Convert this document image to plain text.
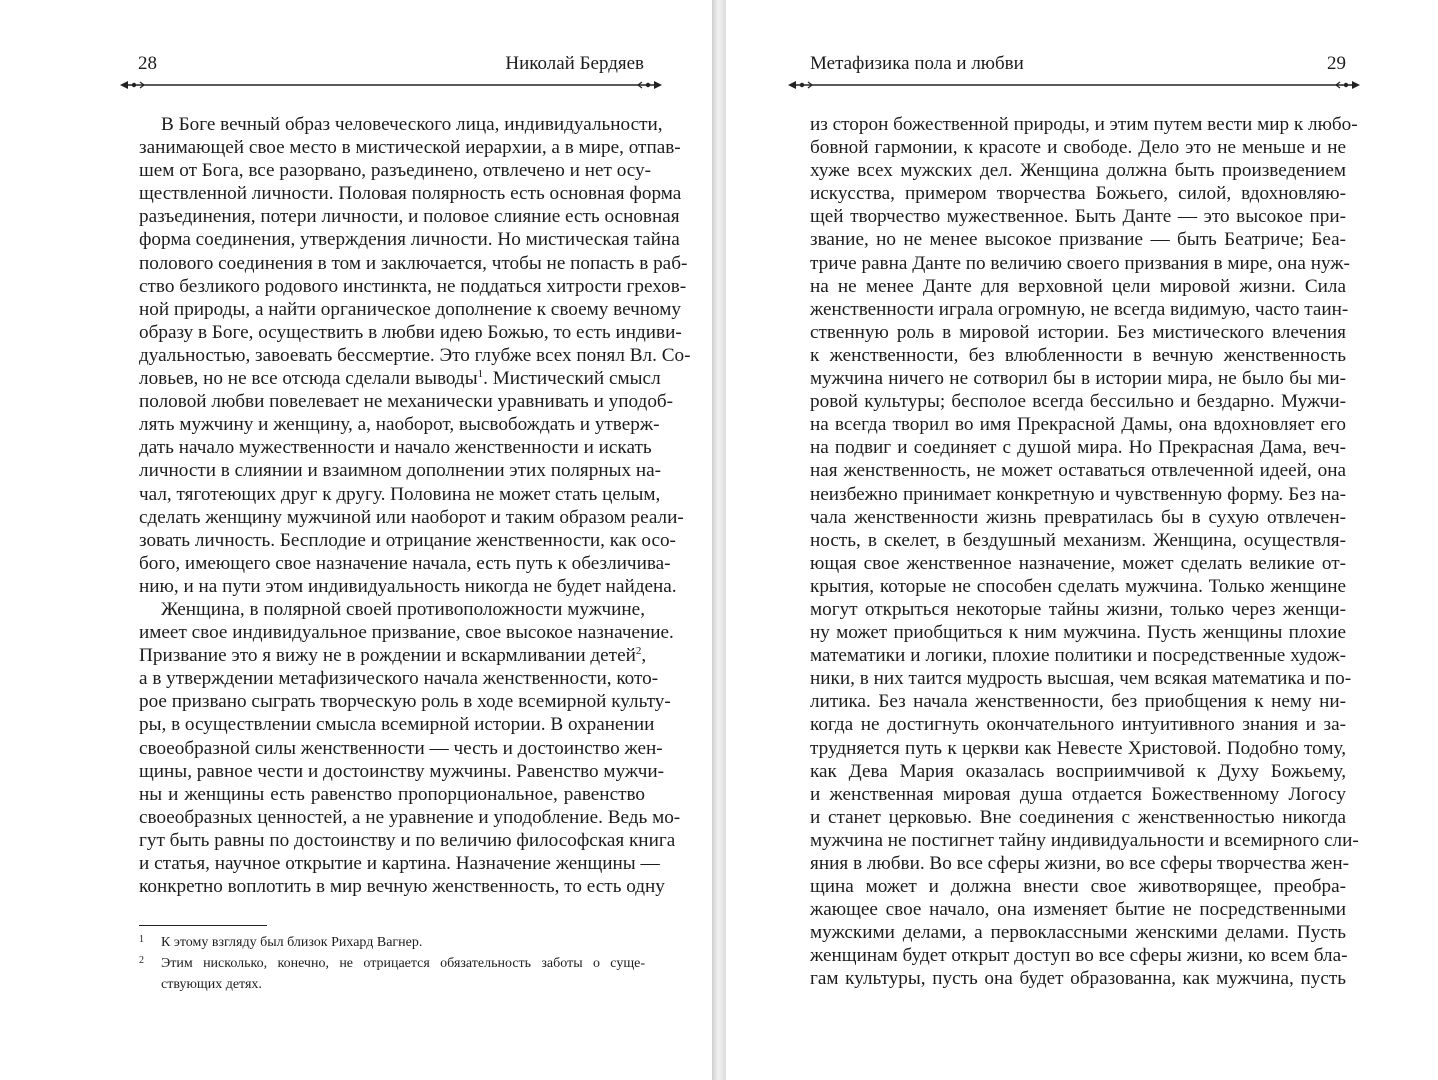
28	Николай Бердяев
В Боге вечный образ человеческого лица, индивидуальности,
занимающей свое место в мистической иерархии, а в мире, отпав-
шем от Бога, все разорвано, разъединено, отвлечено и нет осу-
ществленной личности. Половая полярность есть основная форма
разъединения, потери личности, и половое слияние есть основная
форма соединения, утверждения личности. Но мистическая тайна
полового соединения в том и заключается, чтобы не попасть в раб-
ство безликого родового инстинкта, не поддаться хитрости грехов-
ной природы, а найти органическое дополнение к своему вечному
образу в Боге, осуществить в любви идею Божью, то есть индиви-
дуальностью, завоевать бессмертие. Это глубже всех понял Вл. Со-
ловьев, но не все отсюда сделали выводы$^1$. Мистический смысл
половой любви повелевает не механически уравнивать и уподоб-
лять мужчину и женщину, а, наоборот, высвобождать и утверж-
дать начало мужественности и начало женственности и искать
личности в слиянии и взаимном дополнении этих полярных на-
чал, тяготеющих друг к другу. Половина не может стать целым,
сделать женщину мужчиной или наоборот и таким образом реали-
зовать личность. Бесплодие и отрицание женственности, как осо-
бого, имеющего свое назначение начала, есть путь к обезличива-
нию, и на пути этом индивидуальность никогда не будет найдена.
Женщина, в полярной своей противоположности мужчине,
имеет свое индивидуальное призвание, свое высокое назначение.
Призвание это я вижу не в рождении и вскармливании детей$^2$,
а в утверждении метафизического начала женственности, кото-
рое призвано сыграть творческую роль в ходе всемирной культу-
ры, в осуществлении смысла всемирной истории. В охранении
своеобразной силы женственности — честь и достоинство жен-
щины, равное чести и достоинству мужчины. Равенство мужчи-
ны и женщины есть равенство пропорциональное, равенство
своеобразных ценностей, а не уравнение и уподобление. Ведь мо-
гут быть равны по достоинству и по величию философская книга
и статья, научное открытие и картина. Назначение женщины —
конкретно воплотить в мир вечную женственность, то есть одну
1 К этому взгляду был близок Рихард Вагнер.
2 Этим нисколько, конечно, не отрицается обязательность заботы о суще-
ствующих детях.
Метафизика пола и любви	29
из сторон божественной природы, и этим путем вести мир к любо-
бовной гармонии, к красоте и свободе. Дело это не меньше и не
хуже всех мужских дел. Женщина должна быть произведением
искусства, примером творчества Божьего, силой, вдохновляю-
щей творчество мужественное. Быть Данте — это высокое при-
звание, но не менее высокое призвание — быть Беатриче; Беа-
триче равна Данте по величию своего призвания в мире, она нуж-
на не менее Данте для верховной цели мировой жизни. Сила
женственности играла огромную, не всегда видимую, часто таин-
ственную роль в мировой истории. Без мистического влечения
к женственности, без влюбленности в вечную женственность
мужчина ничего не сотворил бы в истории мира, не было бы ми-
ровой культуры; бесполое всегда бессильно и бездарно. Мужчи-
на всегда творил во имя Прекрасной Дамы, она вдохновляет его
на подвиг и соединяет с душой мира. Но Прекрасная Дама, веч-
ная женственность, не может оставаться отвлеченной идеей, она
неизбежно принимает конкретную и чувственную форму. Без на-
чала женственности жизнь превратилась бы в сухую отвлечен-
ность, в скелет, в бездушный механизм. Женщина, осуществля-
ющая свое женственное назначение, может сделать великие от-
крытия, которые не способен сделать мужчина. Только женщине
могут открыться некоторые тайны жизни, только через женщи-
ну может приобщиться к ним мужчина. Пусть женщины плохие
математики и логики, плохие политики и посредственные худож-
ники, в них таится мудрость высшая, чем всякая математика и по-
литика. Без начала женственности, без приобщения к нему ни-
когда не достигнуть окончательного интуитивного знания и за-
трудняется путь к церкви как Невесте Христовой. Подобно тому,
как Дева Мария оказалась восприимчивой к Духу Божьему,
и женственная мировая душа отдается Божественному Логосу
и станет церковью. Вне соединения с женственностью никогда
мужчина не постигнет тайну индивидуальности и всемирного сли-
яния в любви. Во все сферы жизни, во все сферы творчества жен-
щина может и должна внести свое животворящее, преобра-
жающее свое начало, она изменяет бытие не посредственными
мужскими делами, а первоклассными женскими делами. Пусть
женщинам будет открыт доступ во все сферы жизни, ко всем бла-
гам культуры, пусть она будет образованна, как мужчина, пусть
